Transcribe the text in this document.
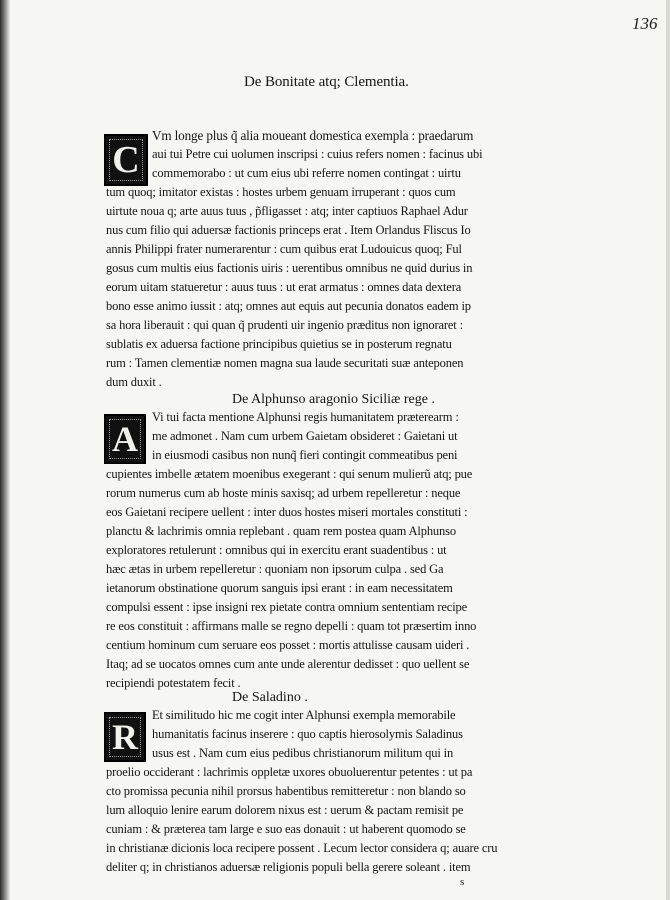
136
De Bonitate atq; Clementia.
C
Vm longe plus q̃ alia moueant domestica exempla : praedarum
aui tui Petre cui uolumen inscripsi : cuius refers nomen : facinus ubi
commemorabo : ut cum eius ubi referre nomen contingat : uirtu
tum quoq; imitator existas : hostes urbem genuam irruperant : quos cum
uirtute noua q; arte auus tuus , p̃fligasset : atq; inter captiuos Raphael Adur
nus cum filio qui aduersæ factionis princeps erat . Item Orlandus Fliscus Io
annis Philippi frater numerarentur : cum quibus erat Ludouicus quoq; Ful
gosus cum multis eius factionis uiris : uerentibus omnibus ne quid durius in
eorum uitam statueretur : auus tuus : ut erat armatus : omnes data dextera
bono esse animo iussit : atq; omnes aut equis aut pecunia donatos eadem ip
sa hora liberauit : qui quan q̃ prudenti uir ingenio præditus non ignoraret :
sublatis ex aduersa factione principibus quietius se in posterum regnatu
rum : Tamen clementiæ nomen magna sua laude securitati suæ anteponen
dum duxit .
De Alphunso aragonio Siciliæ rege .
A
Vi tui facta mentione Alphunsi regis humanitatem præterearm :
me admonet . Nam cum urbem Gaietam obsideret : Gaietani ut
in eiusmodi casibus non nunq̃ fieri contingit commeatibus peni
cupientes imbelle ætatem moenibus exegerant : qui senum mulierũ atq; pue
rorum numerus cum ab hoste minis saxisq; ad urbem repelleretur : neque
eos Gaietani recipere uellent : inter duos hostes miseri mortales constituti :
planctu & lachrimis omnia replebant . quam rem postea quam Alphunso
exploratores retulerunt : omnibus qui in exercitu erant suadentibus : ut
hæc ætas in urbem repelleretur : quoniam non ipsorum culpa . sed Ga
ietanorum obstinatione quorum sanguis ipsi erant : in eam necessitatem
compulsi essent : ipse insigni rex pietate contra omnium sententiam recipe
re eos constituit : affirmans malle se regno depelli : quam tot præsertim inno
centium hominum cum seruare eos posset : mortis attulisse causam uideri .
Itaq; ad se uocatos omnes cum ante unde alerentur dedisset : quo uellent se
recipiendi potestatem fecit .
De Saladino .
R
Et similitudo hic me cogit inter Alphunsi exempla memorabile
humanitatis facinus inserere : quo captis hierosolymis Saladinus
usus est . Nam cum eius pedibus christianorum militum qui in
proelio occiderant : lachrimis oppletæ uxores obuoluerentur petentes : ut pa
cto promissa pecunia nihil prorsus habentibus remitteretur : non blando so
lum alloquio lenire earum dolorem nixus est : uerum & pactam remisit pe
cuniam : & præterea tam large e suo eas donauit : ut haberent quomodo se
in christianæ dicionis loca recipere possent . Lecum lector considera q; auare cru
deliter q; in christianos aduersæ religionis populi bella gerere soleant . item
s
